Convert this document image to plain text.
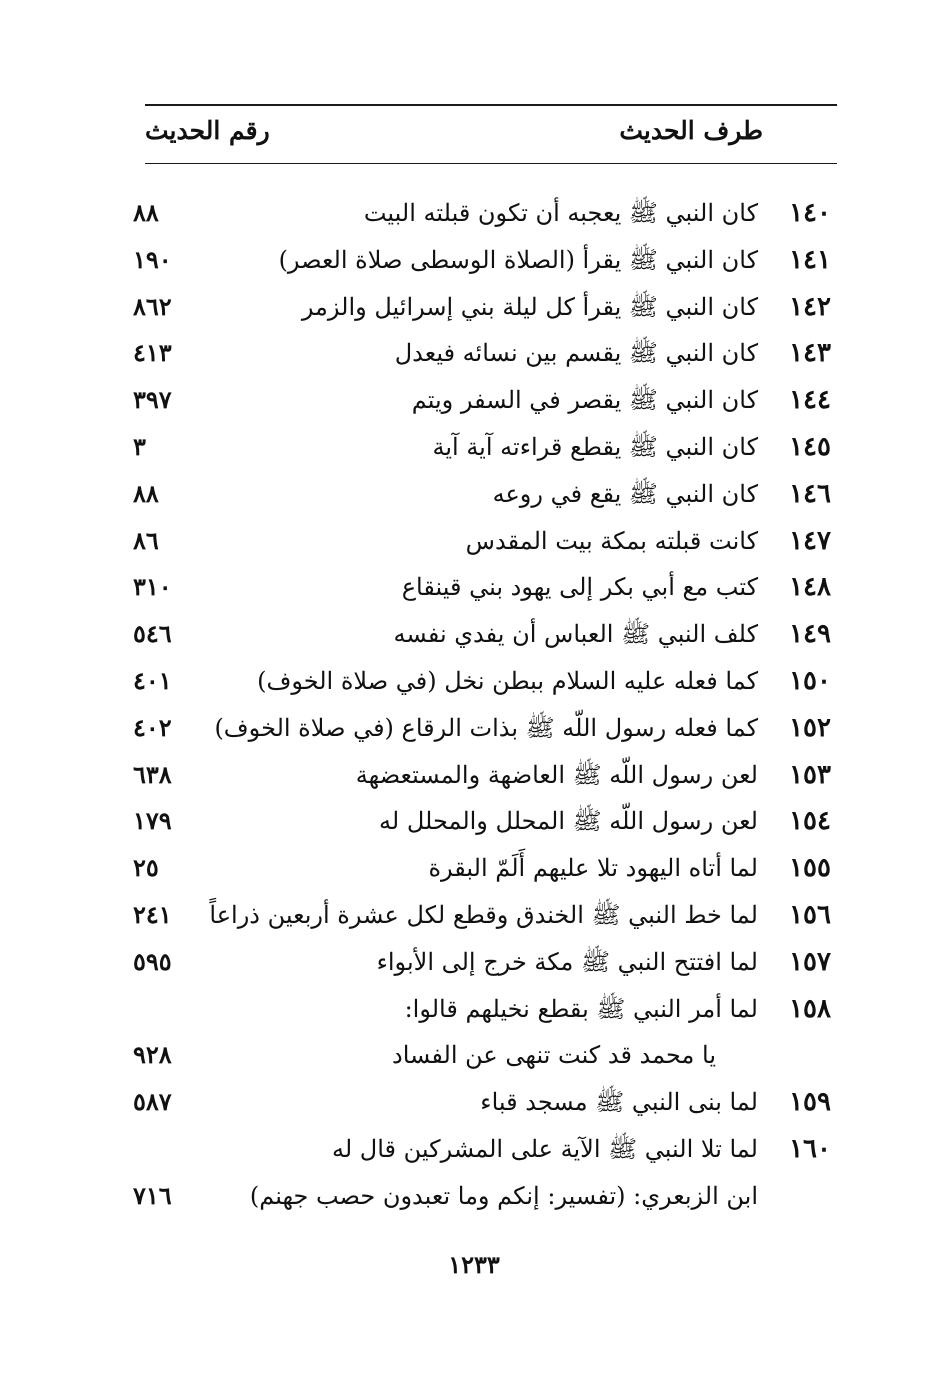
طرف الحديث
رقم الحديث
١٤٠
كان النبي ﷺ يعجبه أن تكون قبلته البيت
٨٨
١٤١
كان النبي ﷺ يقرأ (الصلاة الوسطى صلاة العصر)
١٩٠
١٤٢
كان النبي ﷺ يقرأ كل ليلة بني إسرائيل والزمر
٨٦٢
١٤٣
كان النبي ﷺ يقسم بين نسائه فيعدل
٤١٣
١٤٤
كان النبي ﷺ يقصر في السفر ويتم
٣٩٧
١٤٥
كان النبي ﷺ يقطع قراءته آية آية
٣
١٤٦
كان النبي ﷺ يقع في روعه
٨٨
١٤٧
كانت قبلته بمكة بيت المقدس
٨٦
١٤٨
كتب مع أبي بكر إلى يهود بني قينقاع
٣١٠
١٤٩
كلف النبي ﷺ العباس أن يفدي نفسه
٥٤٦
١٥٠
كما فعله عليه السلام ببطن نخل (في صلاة الخوف)
٤٠١
١٥٢
كما فعله رسول اللّه ﷺ بذات الرقاع (في صلاة الخوف)
٤٠٢
١٥٣
لعن رسول اللّه ﷺ العاضهة والمستعضهة
٦٣٨
١٥٤
لعن رسول اللّه ﷺ المحلل والمحلل له
١٧٩
١٥٥
لما أتاه اليهود تلا عليهم أَلَمّ البقرة
٢٥
١٥٦
لما خط النبي ﷺ الخندق وقطع لكل عشرة أربعين ذراعاً
٢٤١
١٥٧
لما افتتح النبي ﷺ مكة خرج إلى الأبواء
٥٩٥
١٥٨
لما أمر النبي ﷺ بقطع نخيلهم قالوا:
يا محمد قد كنت تنهى عن الفساد
٩٢٨
١٥٩
لما بنى النبي ﷺ مسجد قباء
٥٨٧
١٦٠
لما تلا النبي ﷺ الآية على المشركين قال له
ابن الزبعري: (تفسير: إنكم وما تعبدون حصب جهنم)
٧١٦
١٢٣٣
